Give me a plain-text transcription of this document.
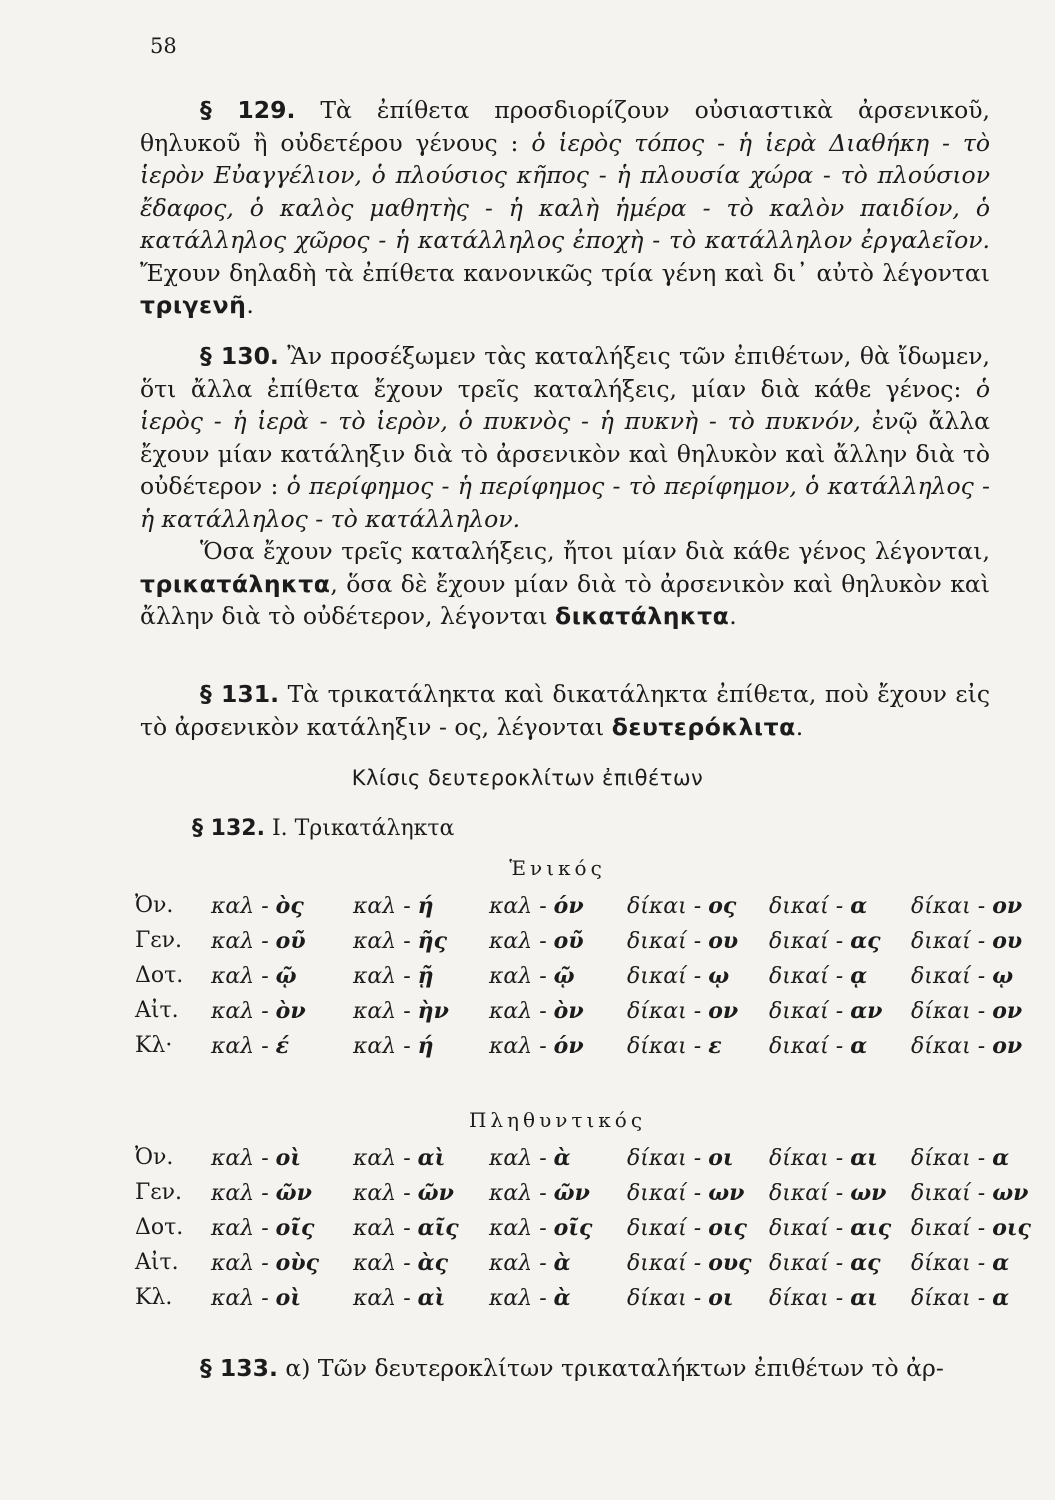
58

§ 129. Τὰ ἐπίθετα προσδιορίζουν οὐσιαστικὰ ἀρσενικοῦ, θηλυκοῦ ἢ οὐδετέρου γένους : ὁ ἱερὸς τόπος - ἡ ἱερὰ Διαθήκη - τὸ ἱερὸν Εὐαγγέλιον, ὁ πλούσιος κῆπος - ἡ πλουσία χώρα - τὸ πλούσιον ἔδαφος, ὁ καλὸς μαθητὴς - ἡ καλὴ ἡμέρα - τὸ καλὸν παιδίον, ὁ κατάλληλος χῶρος - ἡ κατάλληλος ἐποχὴ - τὸ κατάλληλον ἐργαλεῖον. Ἔχουν δηλαδὴ τὰ ἐπίθετα κανονικῶς τρία γένη καὶ δι᾿ αὐτὸ λέγονται τριγενῆ.

§ 130. Ἂν προσέξωμεν τὰς καταλήξεις τῶν ἐπιθέτων, θὰ ἴδωμεν, ὅτι ἄλλα ἐπίθετα ἔχουν τρεῖς καταλήξεις, μίαν διὰ κάθε γένος: ὁ ἱερὸς - ἡ ἱερὰ - τὸ ἱερὸν, ὁ πυκνὸς - ἡ πυκνὴ - τὸ πυκνόν, ἐνῷ ἄλλα ἔχουν μίαν κατάληξιν διὰ τὸ ἀρσενικὸν καὶ θηλυκὸν καὶ ἄλλην διὰ τὸ οὐδέτερον : ὁ περίφημος - ἡ περίφημος - τὸ περίφημον, ὁ κατάλληλος - ἡ κατάλληλος - τὸ κατάλληλον.
Ὅσα ἔχουν τρεῖς καταλήξεις, ἤτοι μίαν διὰ κάθε γένος λέγονται, τρικατάληκτα, ὅσα δὲ ἔχουν μίαν διὰ τὸ ἀρσενικὸν καὶ θηλυκὸν καὶ ἄλλην διὰ τὸ οὐδέτερον, λέγονται δικατάληκτα.

§ 131. Τὰ τρικατάληκτα καὶ δικατάληκτα ἐπίθετα, ποὺ ἔχουν εἰς τὸ ἀρσενικὸν κατάληξιν - ος, λέγονται δευτερόκλιτα.

Κλίσις δευτεροκλίτων ἐπιθέτων
§ 132. Ι. Τρικατάληκτα
Ἑνικός
Ὀν.	καλ - ὸς	καλ - ή	καλ - όν	δίκαι - ος	δικαί - α	δίκαι - ον
Γεν.	καλ - οῦ	καλ - ῆς	καλ - οῦ	δικαί - ου	δικαί - ας	δικαί - ου
Δοτ.	καλ - ῷ	καλ - ῇ	καλ - ῷ	δικαί - ῳ	δικαί - ᾳ	δικαί - ῳ
Αἰτ.	καλ - ὸν	καλ - ὴν	καλ - ὸν	δίκαι - ον	δικαί - αν	δίκαι - ον
Κλ·	καλ - έ	καλ - ή	καλ - όν	δίκαι - ε	δικαί - α	δίκαι - ον
Πληθυντικός
Ὀν.	καλ - οὶ	καλ - αὶ	καλ - ὰ	δίκαι - οι	δίκαι - αι	δίκαι - α
Γεν.	καλ - ῶν	καλ - ῶν	καλ - ῶν	δικαί - ων	δικαί - ων	δικαί - ων
Δοτ.	καλ - οῖς	καλ - αῖς	καλ - οῖς	δικαί - οις	δικαί - αις	δικαί - οις
Αἰτ.	καλ - οὺς	καλ - ὰς	καλ - ὰ	δικαί - ους	δικαί - ας	δίκαι - α
Κλ.	καλ - οὶ	καλ - αὶ	καλ - ὰ	δίκαι - οι	δίκαι - αι	δίκαι - α

§ 133. α) Τῶν δευτεροκλίτων τρικαταλήκτων ἐπιθέτων τὸ ἀρ-
